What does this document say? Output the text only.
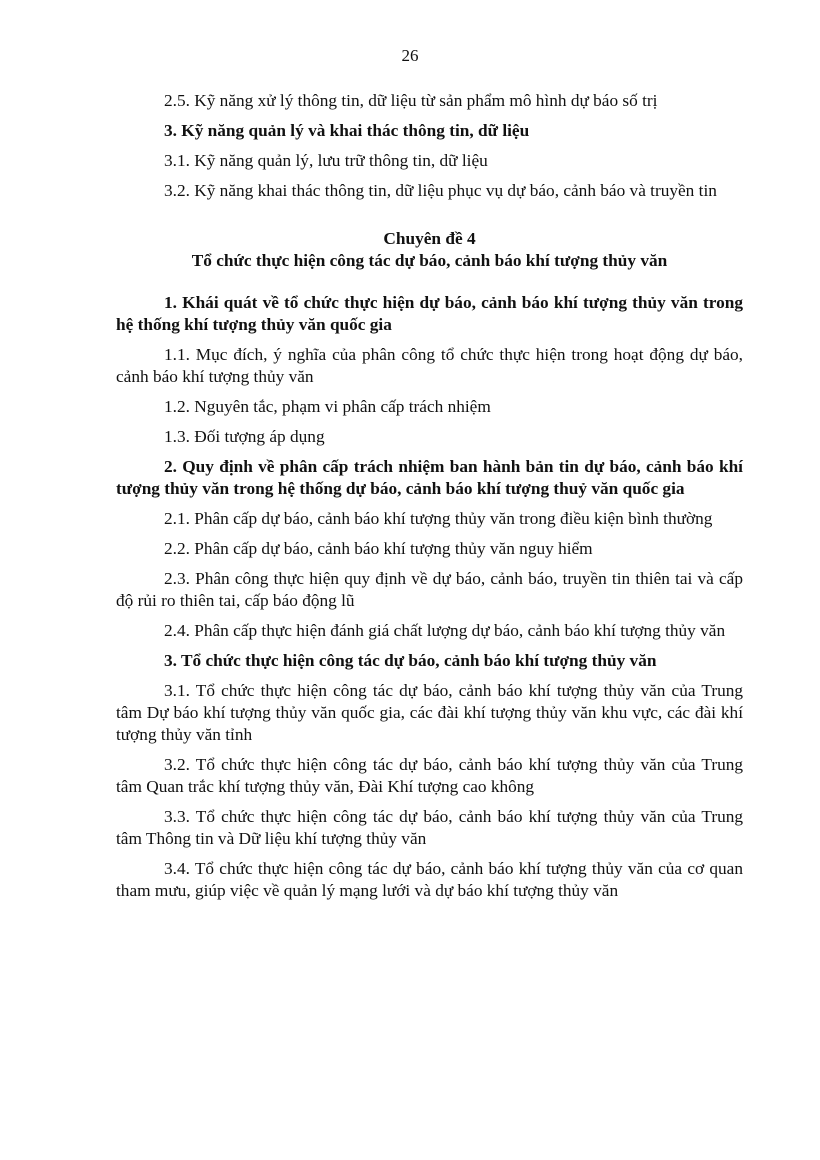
26

2.5. Kỹ năng xử lý thông tin, dữ liệu từ sản phẩm mô hình dự báo số trị

3. Kỹ năng quản lý và khai thác thông tin, dữ liệu

3.1. Kỹ năng quản lý, lưu trữ thông tin, dữ liệu

3.2. Kỹ năng khai thác thông tin, dữ liệu phục vụ dự báo, cảnh báo và truyền tin

Chuyên đề 4

Tổ chức thực hiện công tác dự báo, cảnh báo khí tượng thủy văn

1. Khái quát về tổ chức thực hiện dự báo, cảnh báo khí tượng thủy văn trong hệ thống khí tượng thủy văn quốc gia

1.1. Mục đích, ý nghĩa của phân công tổ chức thực hiện trong hoạt động dự báo, cảnh báo khí tượng thủy văn

1.2. Nguyên tắc, phạm vi phân cấp trách nhiệm

1.3. Đối tượng áp dụng

2. Quy định về phân cấp trách nhiệm ban hành bản tin dự báo, cảnh báo khí tượng thủy văn trong hệ thống dự báo, cảnh báo khí tượng thuỷ văn quốc gia

2.1. Phân cấp dự báo, cảnh báo khí tượng thủy văn trong điều kiện bình thường

2.2. Phân cấp dự báo, cảnh báo khí tượng thủy văn nguy hiểm

2.3. Phân công thực hiện quy định về dự báo, cảnh báo, truyền tin thiên tai và cấp độ rủi ro thiên tai, cấp báo động lũ

2.4. Phân cấp thực hiện đánh giá chất lượng dự báo, cảnh báo khí tượng thủy văn

3. Tổ chức thực hiện công tác dự báo, cảnh báo khí tượng thủy văn

3.1. Tổ chức thực hiện công tác dự báo, cảnh báo khí tượng thủy văn của Trung tâm Dự báo khí tượng thủy văn quốc gia, các đài khí tượng thủy văn khu vực, các đài khí tượng thủy văn tỉnh

3.2. Tổ chức thực hiện công tác dự báo, cảnh báo khí tượng thủy văn của Trung tâm Quan trắc khí tượng thủy văn, Đài Khí tượng cao không

3.3. Tổ chức thực hiện công tác dự báo, cảnh báo khí tượng thủy văn của Trung tâm Thông tin và Dữ liệu khí tượng thủy văn

3.4. Tổ chức thực hiện công tác dự báo, cảnh báo khí tượng thủy văn của cơ quan tham mưu, giúp việc về quản lý mạng lưới và dự báo khí tượng thủy văn
